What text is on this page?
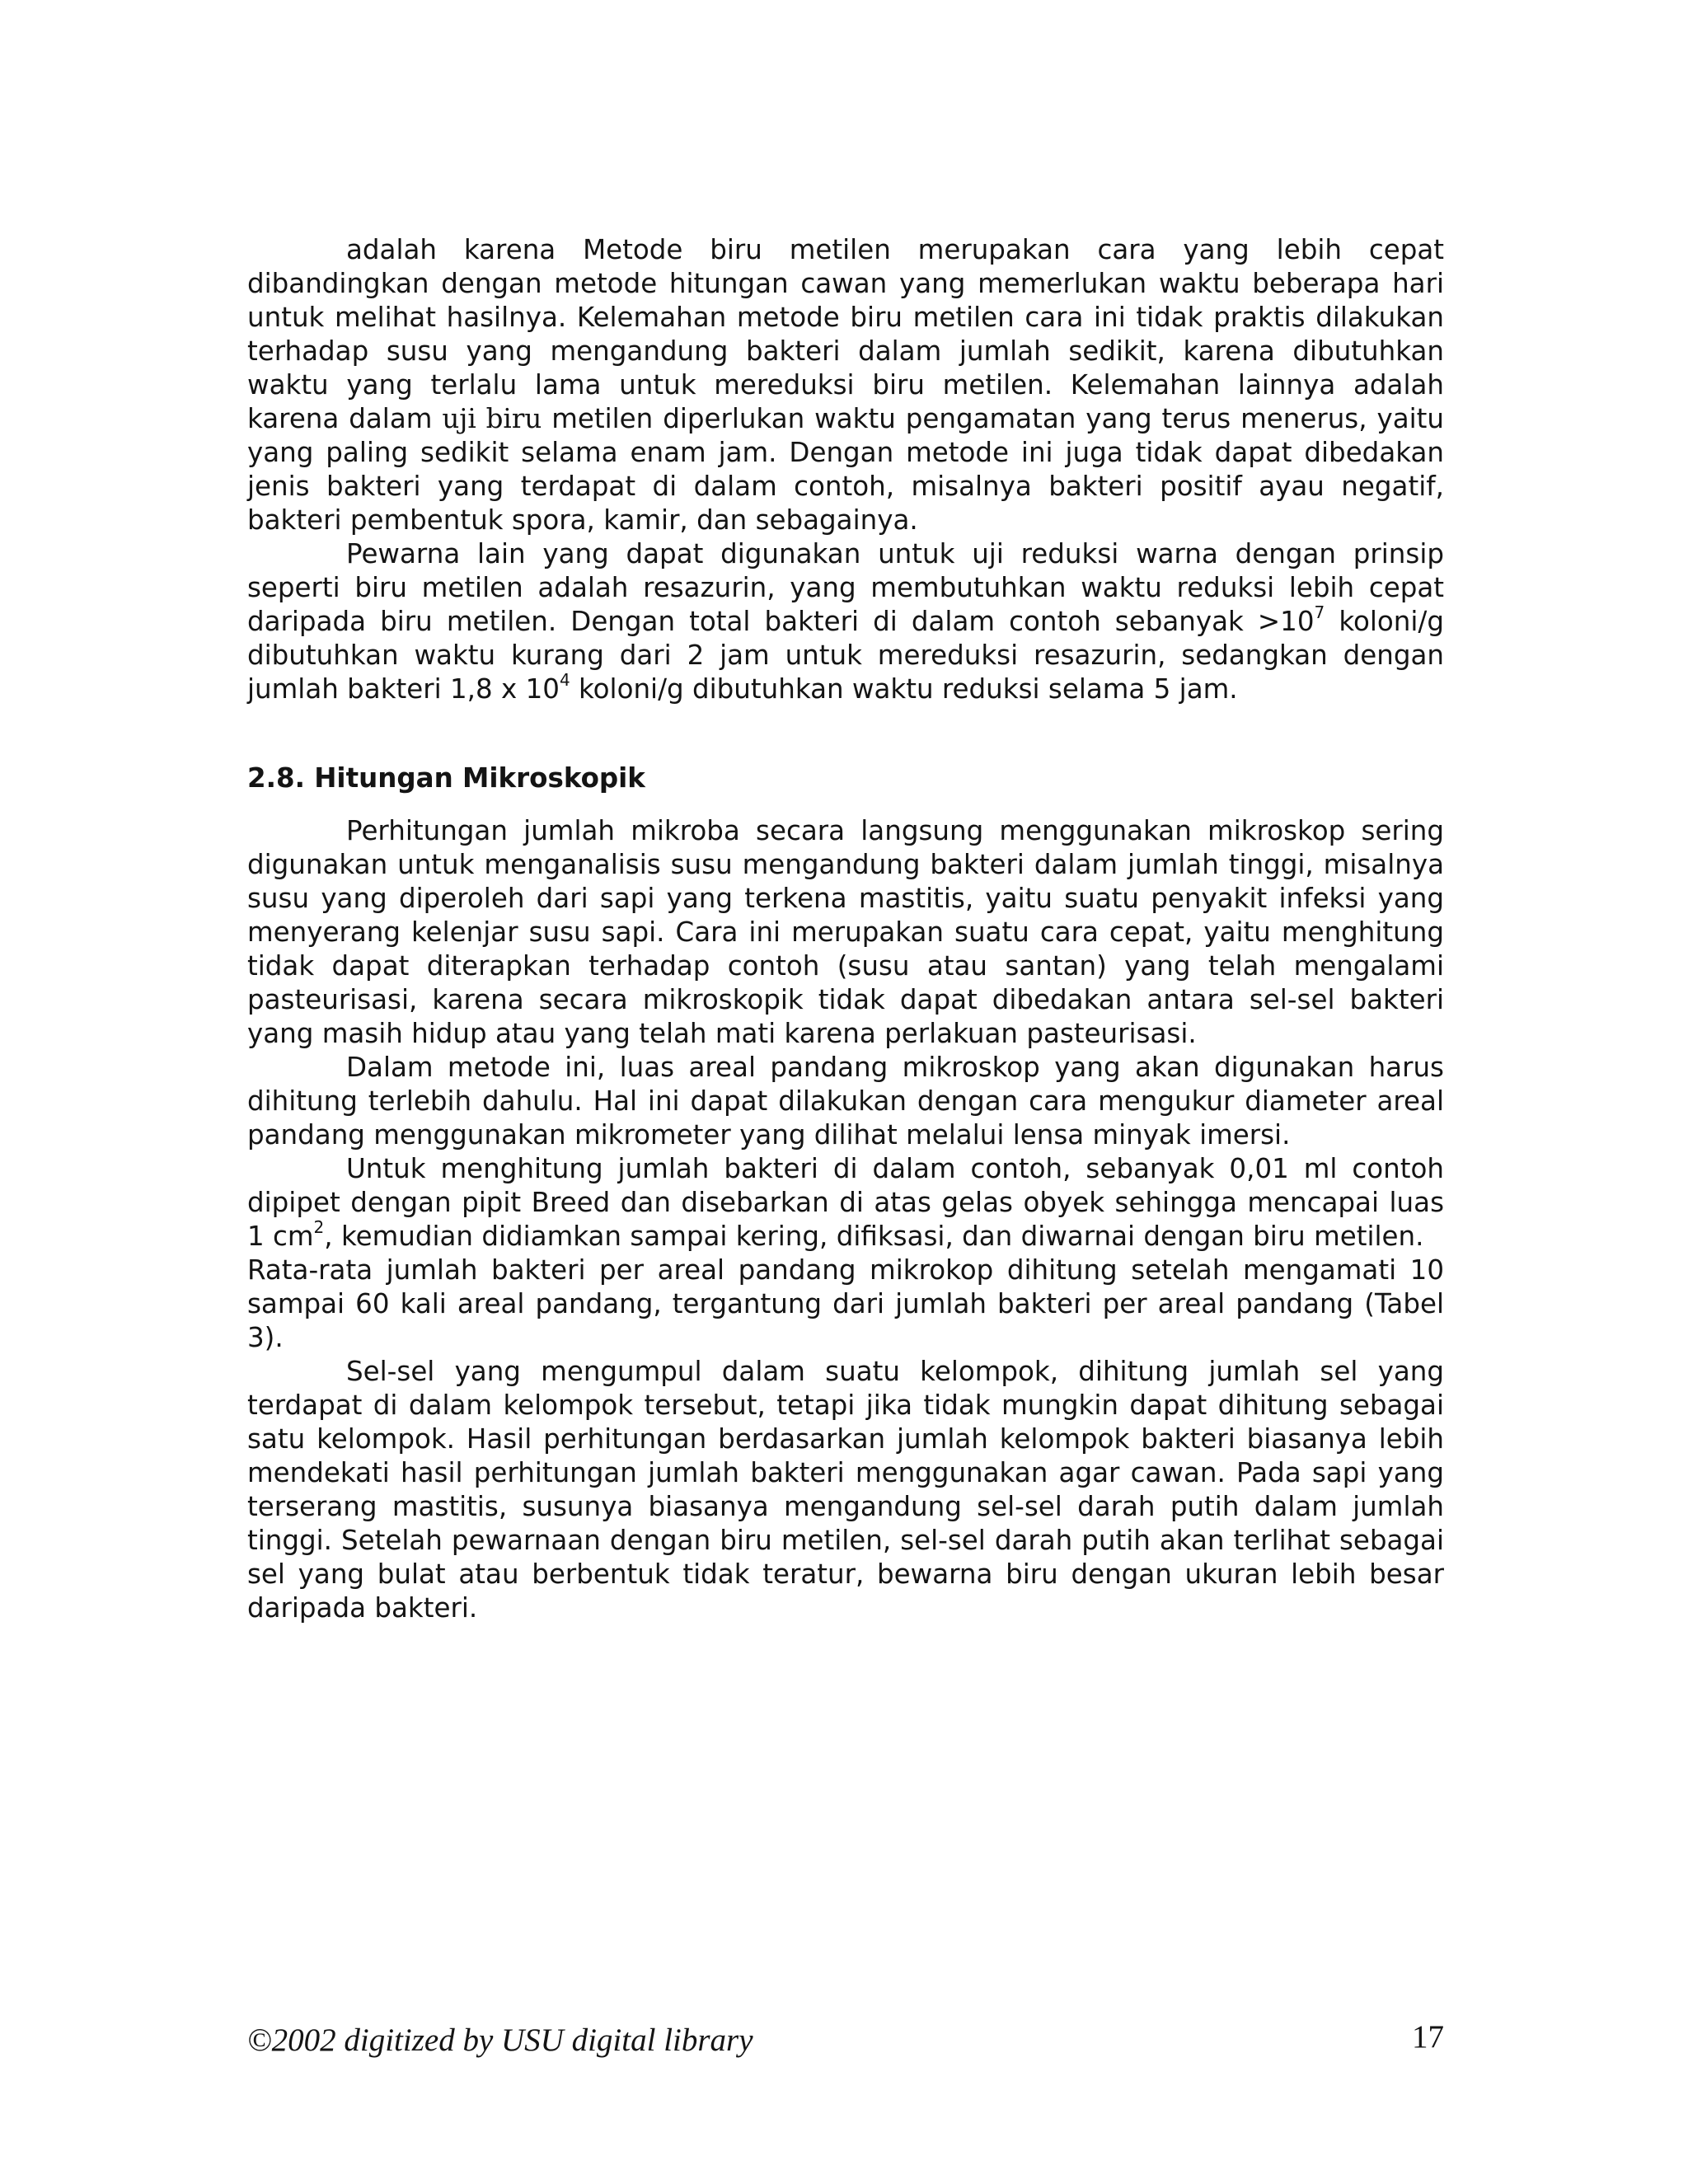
adalah karena Metode biru metilen merupakan cara yang lebih cepat dibandingkan dengan metode hitungan cawan yang memerlukan waktu beberapa hari untuk melihat hasilnya. Kelemahan metode biru metilen cara ini tidak praktis dilakukan terhadap susu yang mengandung bakteri dalam jumlah sedikit, karena dibutuhkan waktu yang terlalu lama untuk mereduksi biru metilen. Kelemahan lainnya adalah karena dalam uji biru metilen diperlukan waktu pengamatan yang terus menerus, yaitu yang paling sedikit selama enam jam. Dengan metode ini juga tidak dapat dibedakan jenis bakteri yang terdapat di dalam contoh, misalnya bakteri positif ayau negatif, bakteri pembentuk spora, kamir, dan sebagainya.

Pewarna lain yang dapat digunakan untuk uji reduksi warna dengan prinsip seperti biru metilen adalah resazurin, yang membutuhkan waktu reduksi lebih cepat daripada biru metilen. Dengan total bakteri di dalam contoh sebanyak $>10^7$ koloni/g dibutuhkan waktu kurang dari 2 jam untuk mereduksi resazurin, sedangkan dengan jumlah bakteri 1,8 x $10^4$ koloni/g dibutuhkan waktu reduksi selama 5 jam.

2.8. Hitungan Mikroskopik

Perhitungan jumlah mikroba secara langsung menggunakan mikroskop sering digunakan untuk menganalisis susu mengandung bakteri dalam jumlah tinggi, misalnya susu yang diperoleh dari sapi yang terkena mastitis, yaitu suatu penyakit infeksi yang menyerang kelenjar susu sapi. Cara ini merupakan suatu cara cepat, yaitu menghitung tidak dapat diterapkan terhadap contoh (susu atau santan) yang telah mengalami pasteurisasi, karena secara mikroskopik tidak dapat dibedakan antara sel-sel bakteri yang masih hidup atau yang telah mati karena perlakuan pasteurisasi.

Dalam metode ini, luas areal pandang mikroskop yang akan digunakan harus dihitung terlebih dahulu. Hal ini dapat dilakukan dengan cara mengukur diameter areal pandang menggunakan mikrometer yang dilihat melalui lensa minyak imersi.

Untuk menghitung jumlah bakteri di dalam contoh, sebanyak 0,01 ml contoh dipipet dengan pipit Breed dan disebarkan di atas gelas obyek sehingga mencapai luas 1 $cm^2$, kemudian didiamkan sampai kering, difiksasi, dan diwarnai dengan biru metilen.

Rata-rata jumlah bakteri per areal pandang mikrokop dihitung setelah mengamati 10 sampai 60 kali areal pandang, tergantung dari jumlah bakteri per areal pandang (Tabel 3).

Sel-sel yang mengumpul dalam suatu kelompok, dihitung jumlah sel yang terdapat di dalam kelompok tersebut, tetapi jika tidak mungkin dapat dihitung sebagai satu kelompok. Hasil perhitungan berdasarkan jumlah kelompok bakteri biasanya lebih mendekati hasil perhitungan jumlah bakteri menggunakan agar cawan. Pada sapi yang terserang mastitis, susunya biasanya mengandung sel-sel darah putih dalam jumlah tinggi. Setelah pewarnaan dengan biru metilen, sel-sel darah putih akan terlihat sebagai sel yang bulat atau berbentuk tidak teratur, bewarna biru dengan ukuran lebih besar daripada bakteri.

©2002 digitized by USU digital library	17
